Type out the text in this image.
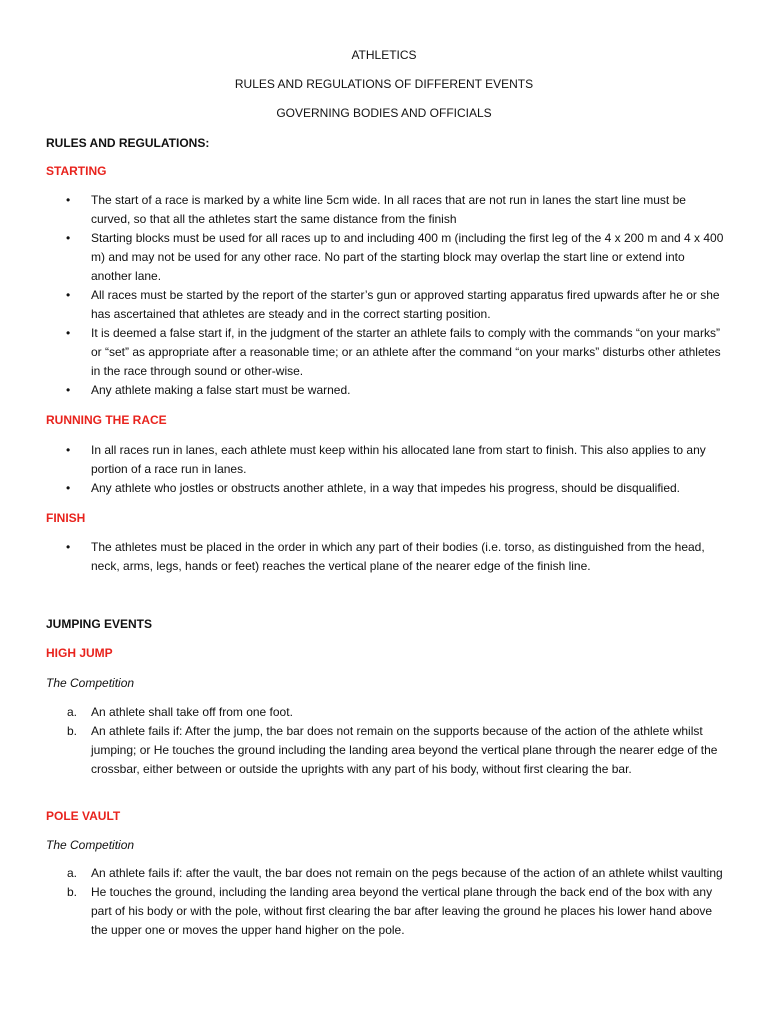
ATHLETICS
RULES AND REGULATIONS OF DIFFERENT EVENTS
GOVERNING BODIES AND OFFICIALS
RULES AND REGULATIONS:
STARTING
• The start of a race is marked by a white line 5cm wide. In all races that are not run in lanes the start line must be curved, so that all the athletes start the same distance from the finish
• Starting blocks must be used for all races up to and including 400 m (including the first leg of the 4 x 200 m and 4 x 400 m) and may not be used for any other race. No part of the starting block may overlap the start line or extend into another lane.
• All races must be started by the report of the starter’s gun or approved starting apparatus fired upwards after he or she has ascertained that athletes are steady and in the correct starting position.
• It is deemed a false start if, in the judgment of the starter an athlete fails to comply with the commands “on your marks” or “set” as appropriate after a reasonable time; or an athlete after the command “on your marks” disturbs other athletes in the race through sound or other-wise.
• Any athlete making a false start must be warned.
RUNNING THE RACE
• In all races run in lanes, each athlete must keep within his allocated lane from start to finish. This also applies to any portion of a race run in lanes.
• Any athlete who jostles or obstructs another athlete, in a way that impedes his progress, should be disqualified.
FINISH
• The athletes must be placed in the order in which any part of their bodies (i.e. torso, as distinguished from the head, neck, arms, legs, hands or feet) reaches the vertical plane of the nearer edge of the finish line.
JUMPING EVENTS
HIGH JUMP
The Competition
a. An athlete shall take off from one foot.
b. An athlete fails if: After the jump, the bar does not remain on the supports because of the action of the athlete whilst jumping; or He touches the ground including the landing area beyond the vertical plane through the nearer edge of the crossbar, either between or outside the uprights with any part of his body, without first clearing the bar.
POLE VAULT
The Competition
a. An athlete fails if: after the vault, the bar does not remain on the pegs because of the action of an athlete whilst vaulting
b. He touches the ground, including the landing area beyond the vertical plane through the back end of the box with any part of his body or with the pole, without first clearing the bar after leaving the ground he places his lower hand above the upper one or moves the upper hand higher on the pole.
